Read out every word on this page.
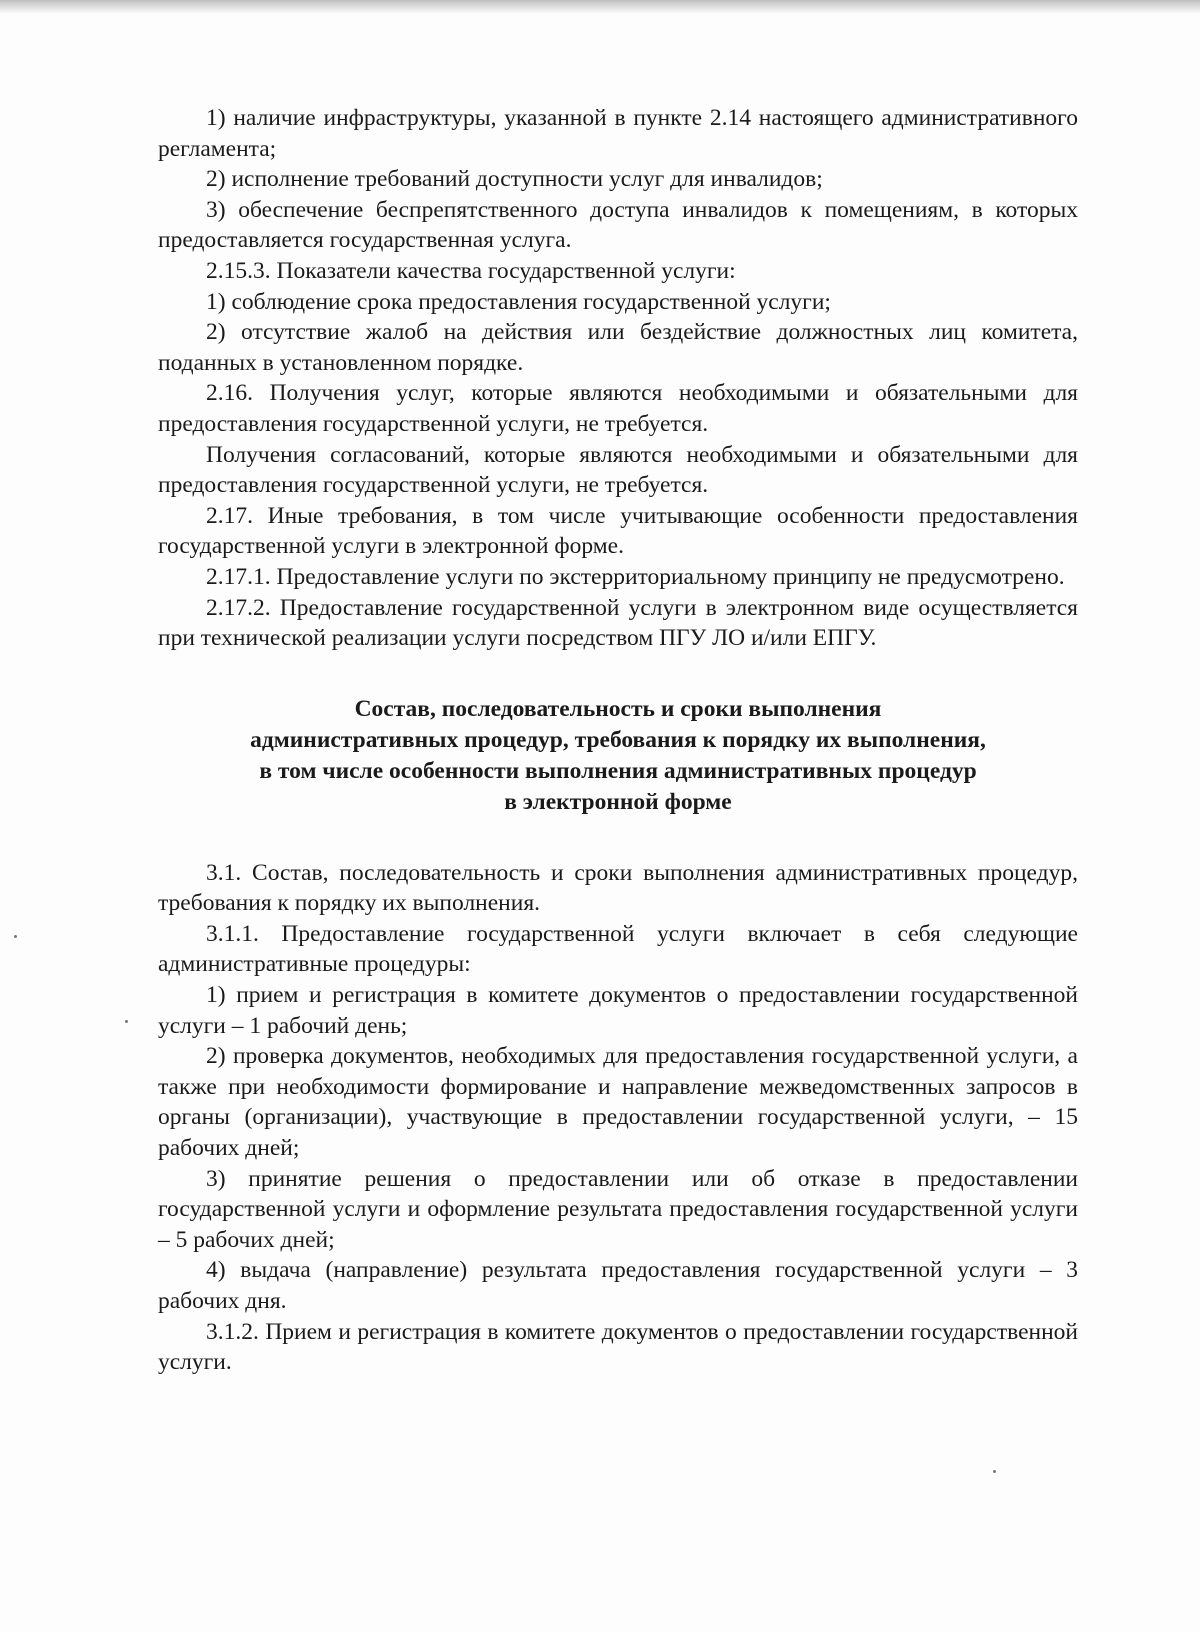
1) наличие инфраструктуры, указанной в пункте 2.14 настоящего административного регламента;

2) исполнение требований доступности услуг для инвалидов;

3) обеспечение беспрепятственного доступа инвалидов к помещениям, в которых предоставляется государственная услуга.

2.15.3. Показатели качества государственной услуги:

1) соблюдение срока предоставления государственной услуги;

2) отсутствие жалоб на действия или бездействие должностных лиц комитета, поданных в установленном порядке.

2.16. Получения услуг, которые являются необходимыми и обязательными для предоставления государственной услуги, не требуется.

Получения согласований, которые являются необходимыми и обязательными для предоставления государственной услуги, не требуется.

2.17. Иные требования, в том числе учитывающие особенности предоставления государственной услуги в электронной форме.

2.17.1. Предоставление услуги по экстерриториальному принципу не предусмотрено.

2.17.2. Предоставление государственной услуги в электронном виде осуществляется при технической реализации услуги посредством ПГУ ЛО и/или ЕПГУ.

Состав, последовательность и сроки выполнения
административных процедур, требования к порядку их выполнения,
в том числе особенности выполнения административных процедур
в электронной форме

3.1. Состав, последовательность и сроки выполнения административных процедур, требования к порядку их выполнения.

3.1.1. Предоставление государственной услуги включает в себя следующие административные процедуры:

1) прием и регистрация в комитете документов о предоставлении государственной услуги – 1 рабочий день;

2) проверка документов, необходимых для предоставления государственной услуги, а также при необходимости формирование и направление межведомственных запросов в органы (организации), участвующие в предоставлении государственной услуги, – 15 рабочих дней;

3) принятие решения о предоставлении или об отказе в предоставлении государственной услуги и оформление результата предоставления государственной услуги – 5 рабочих дней;

4) выдача (направление) результата предоставления государственной услуги – 3 рабочих дня.

3.1.2. Прием и регистрация в комитете документов о предоставлении государственной услуги.
